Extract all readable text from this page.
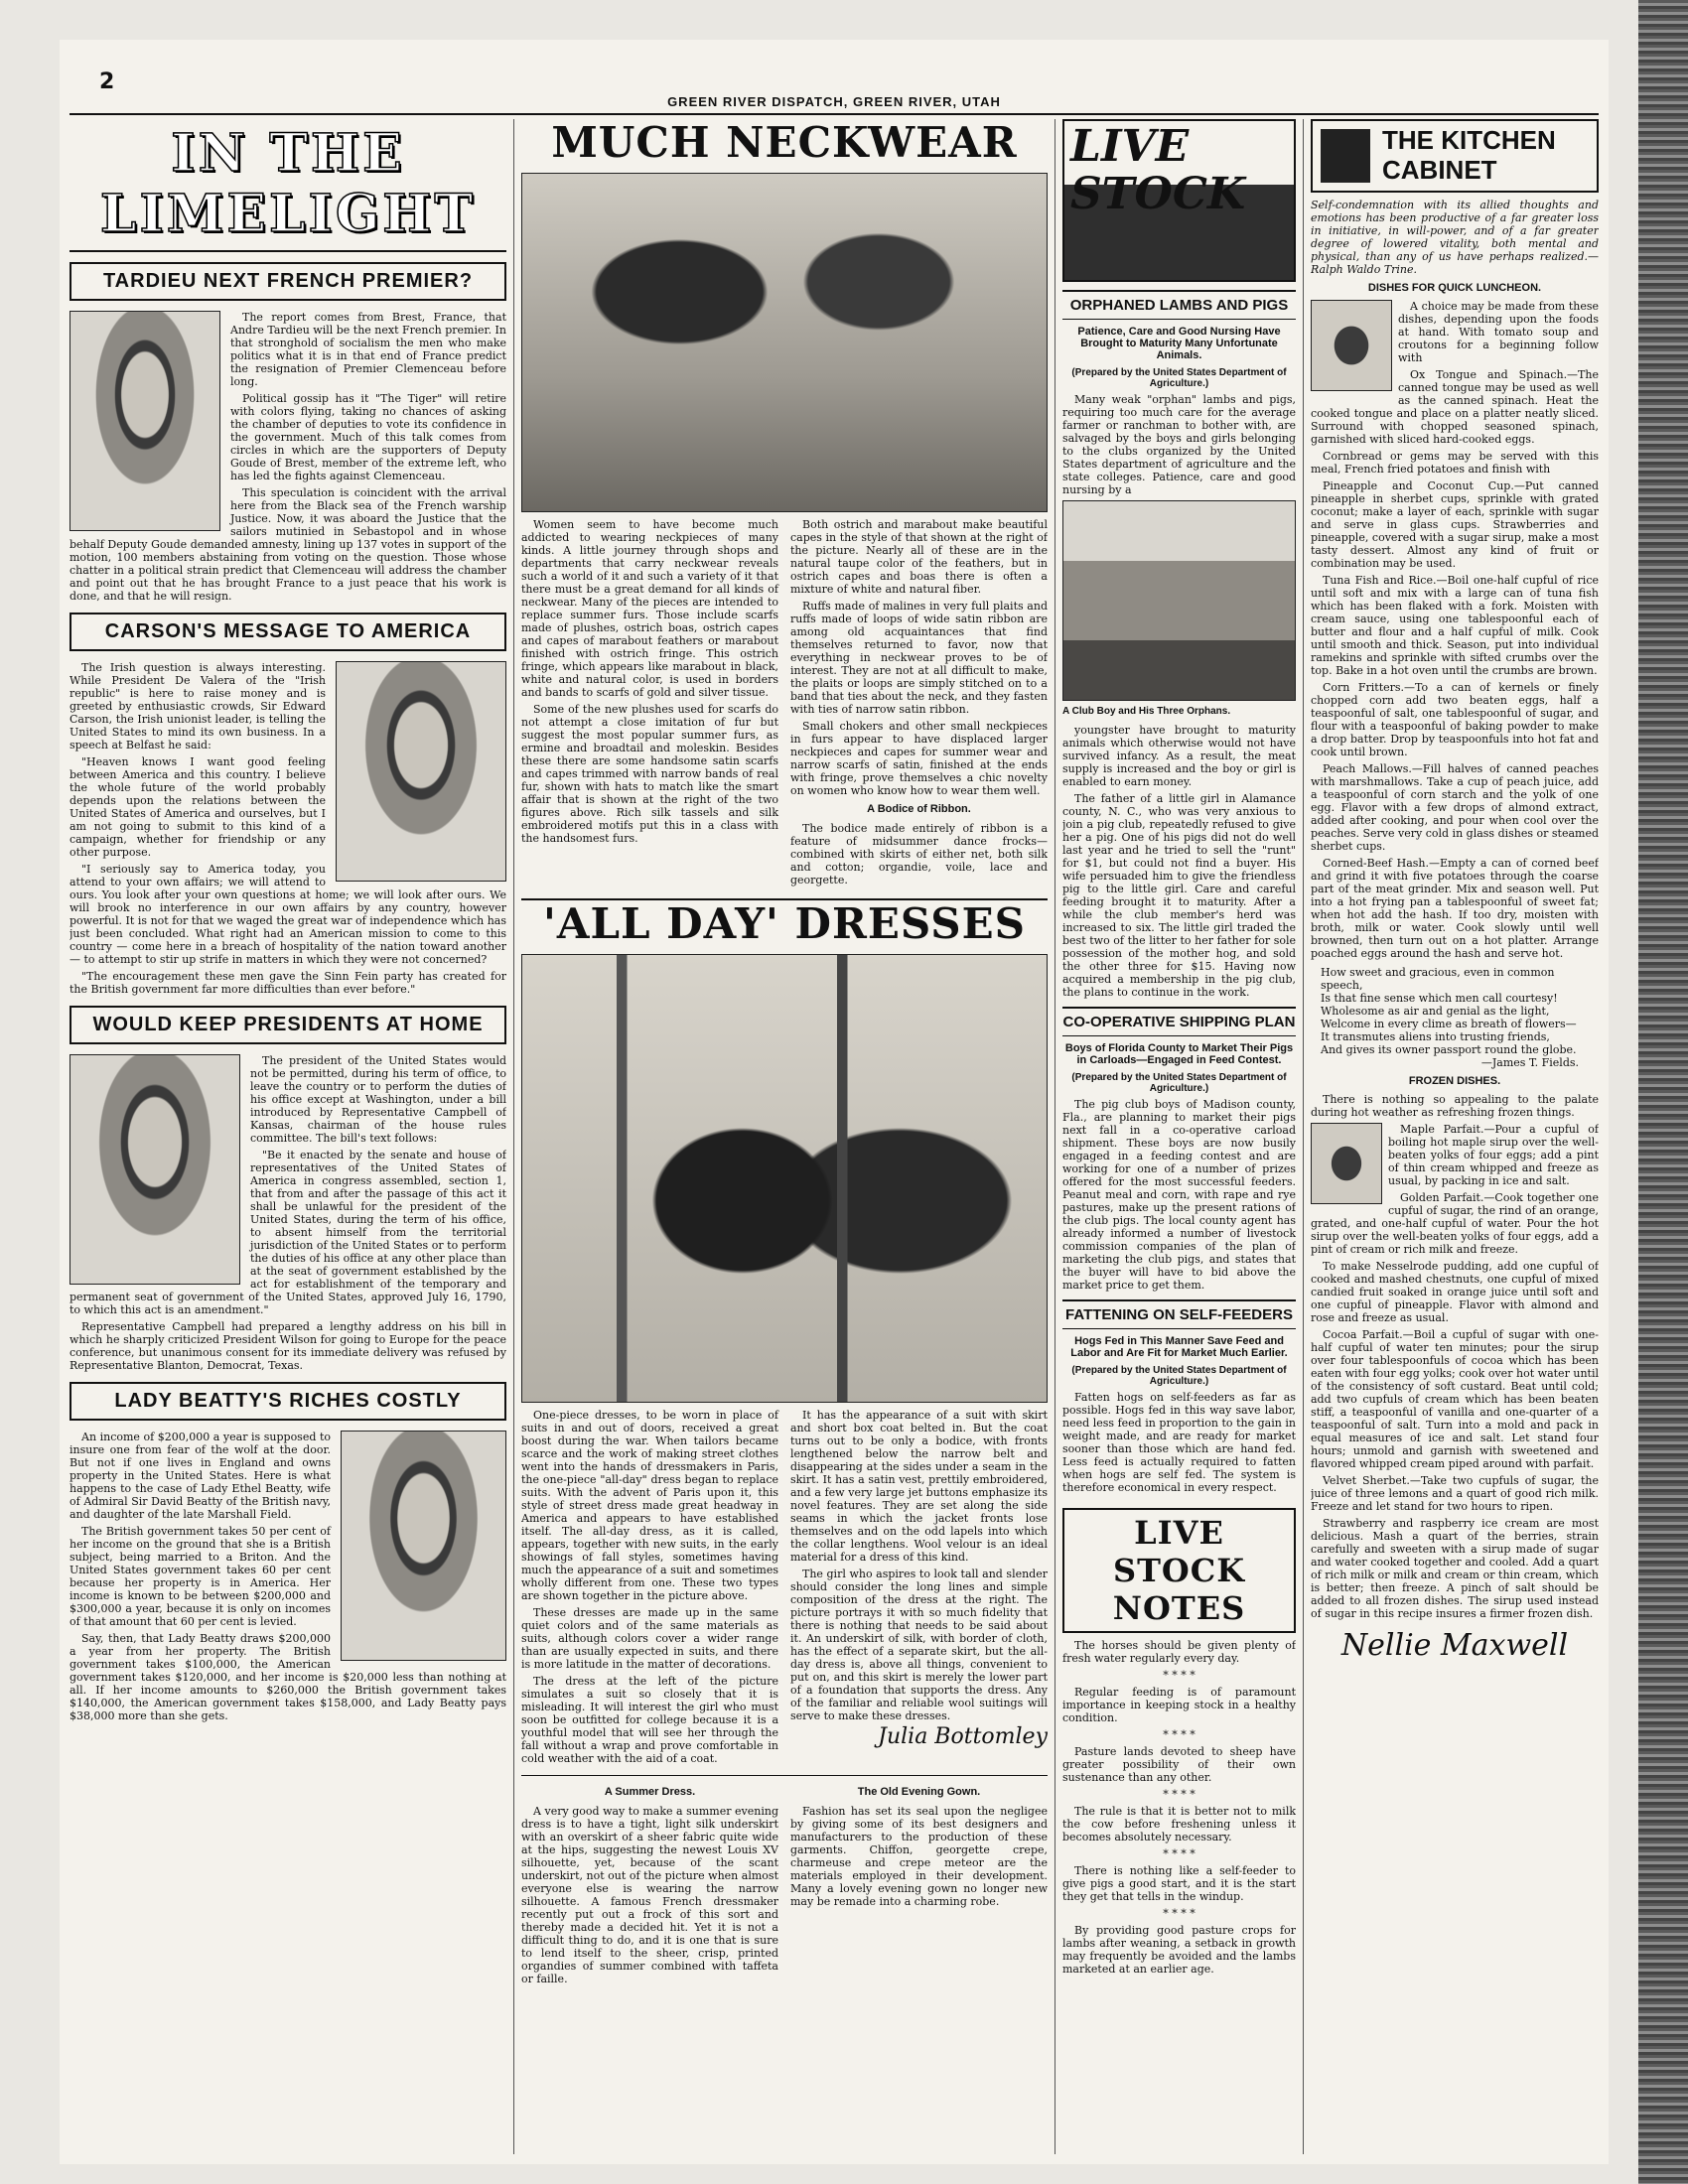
2
GREEN RIVER DISPATCH, GREEN RIVER, UTAH
IN THE LIMELIGHT
TARDIEU NEXT FRENCH PREMIER?

The report comes from Brest, France, that Andre Tardieu will be the next French premier. In that stronghold of socialism the men who make politics what it is in that end of France predict the resignation of Premier Clemenceau before long.

Political gossip has it "The Tiger" will retire with colors flying, taking no chances of asking the chamber of deputies to vote its confidence in the government. Much of this talk comes from circles in which are the supporters of Deputy Goude of Brest, member of the extreme left, who has led the fights against Clemenceau.

This speculation is coincident with the arrival here from the Black sea of the French warship Justice. Now, it was aboard the Justice that the sailors mutinied in Sebastopol and in whose behalf Deputy Goude demanded amnesty, lining up 137 votes in support of the motion, 100 members abstaining from voting on the question. Those whose chatter in a political strain predict that Clemenceau will address the chamber and point out that he has brought France to a just peace that his work is done, and that he will resign.

CARSON'S MESSAGE TO AMERICA

The Irish question is always interesting. While President De Valera of the "Irish republic" is here to raise money and is greeted by enthusiastic crowds, Sir Edward Carson, the Irish unionist leader, is telling the United States to mind its own business. In a speech at Belfast he said:

"Heaven knows I want good feeling between America and this country. I believe the whole future of the world probably depends upon the relations between the United States of America and ourselves, but I am not going to submit to this kind of a campaign, whether for friendship or any other purpose.

"I seriously say to America today, you attend to your own affairs; we will attend to ours. You look after your own questions at home; we will look after ours. We will brook no interference in our own affairs by any country, however powerful. It is not for that we waged the great war of independence which has just been concluded. What right had an American mission to come to this country — come here in a breach of hospitality of the nation toward another — to attempt to stir up strife in matters in which they were not concerned?

"The encouragement these men gave the Sinn Fein party has created for the British government far more difficulties than ever before."

WOULD KEEP PRESIDENTS AT HOME

The president of the United States would not be permitted, during his term of office, to leave the country or to perform the duties of his office except at Washington, under a bill introduced by Representative Campbell of Kansas, chairman of the house rules committee. The bill's text follows:

"Be it enacted by the senate and house of representatives of the United States of America in congress assembled, section 1, that from and after the passage of this act it shall be unlawful for the president of the United States, during the term of his office, to absent himself from the territorial jurisdiction of the United States or to perform the duties of his office at any other place than at the seat of government established by the act for establishment of the temporary and permanent seat of government of the United States, approved July 16, 1790, to which this act is an amendment."

Representative Campbell had prepared a lengthy address on his bill in which he sharply criticized President Wilson for going to Europe for the peace conference, but unanimous consent for its immediate delivery was refused by Representative Blanton, Democrat, Texas.

LADY BEATTY'S RICHES COSTLY

An income of $200,000 a year is supposed to insure one from fear of the wolf at the door. But not if one lives in England and owns property in the United States. Here is what happens to the case of Lady Ethel Beatty, wife of Admiral Sir David Beatty of the British navy, and daughter of the late Marshall Field.

The British government takes 50 per cent of her income on the ground that she is a British subject, being married to a Briton. And the United States government takes 60 per cent because her property is in America. Her income is known to be between $200,000 and $300,000 a year, because it is only on incomes of that amount that 60 per cent is levied.

Say, then, that Lady Beatty draws $200,000 a year from her property. The British government takes $100,000, the American government takes $120,000, and her income is $20,000 less than nothing at all. If her income amounts to $260,000 the British government takes $140,000, the American government takes $158,000, and Lady Beatty pays $38,000 more than she gets.

MUCH NECKWEAR

Women seem to have become much addicted to wearing neckpieces of many kinds. A little journey through shops and departments that carry neckwear reveals such a world of it and such a variety of it that there must be a great demand for all kinds of neckwear. Many of the pieces are intended to replace summer furs. Those include scarfs made of plushes, ostrich boas, ostrich capes and capes of marabout feathers or marabout finished with ostrich fringe. This ostrich fringe, which appears like marabout in black, white and natural color, is used in borders and bands to scarfs of gold and silver tissue.

Some of the new plushes used for scarfs do not attempt a close imitation of fur but suggest the most popular summer furs, as ermine and broadtail and moleskin. Besides these there are some handsome satin scarfs and capes trimmed with narrow bands of real fur, shown with hats to match like the smart affair that is shown at the right of the two figures above. Rich silk tassels and silk embroidered motifs put this in a class with the handsomest furs.

Both ostrich and marabout make beautiful capes in the style of that shown at the right of the picture. Nearly all of these are in the natural taupe color of the feathers, but in ostrich capes and boas there is often a mixture of white and natural fiber.

Ruffs made of malines in very full plaits and ruffs made of loops of wide satin ribbon are among old acquaintances that find themselves returned to favor, now that everything in neckwear proves to be of interest. They are not at all difficult to make, the plaits or loops are simply stitched on to a band that ties about the neck, and they fasten with ties of narrow satin ribbon.

Small chokers and other small neckpieces in furs appear to have displaced larger neckpieces and capes for summer wear and narrow scarfs of satin, finished at the ends with fringe, prove themselves a chic novelty on women who know how to wear them well.

A Bodice of Ribbon.

The bodice made entirely of ribbon is a feature of midsummer dance frocks—combined with skirts of either net, both silk and cotton; organdie, voile, lace and georgette.

'ALL DAY' DRESSES

One-piece dresses, to be worn in place of suits in and out of doors, received a great boost during the war. When tailors became scarce and the work of making street clothes went into the hands of dressmakers in Paris, the one-piece "all-day" dress began to replace suits. With the advent of Paris upon it, this style of street dress made great headway in America and appears to have established itself. The all-day dress, as it is called, appears, together with new suits, in the early showings of fall styles, sometimes having much the appearance of a suit and sometimes wholly different from one. These two types are shown together in the picture above.

These dresses are made up in the same quiet colors and of the same materials as suits, although colors cover a wider range than are usually expected in suits, and there is more latitude in the matter of decorations.

The dress at the left of the picture simulates a suit so closely that it is misleading. It will interest the girl who must soon be outfitted for college because it is a youthful model that will see her through the fall without a wrap and prove comfortable in cold weather with the aid of a coat.

It has the appearance of a suit with skirt and short box coat belted in. But the coat turns out to be only a bodice, with fronts lengthened below the narrow belt and disappearing at the sides under a seam in the skirt. It has a satin vest, prettily embroidered, and a few very large jet buttons emphasize its novel features. They are set along the side seams in which the jacket fronts lose themselves and on the odd lapels into which the collar lengthens. Wool velour is an ideal material for a dress of this kind.

The girl who aspires to look tall and slender should consider the long lines and simple composition of the dress at the right. The picture portrays it with so much fidelity that there is nothing that needs to be said about it. An underskirt of silk, with border of cloth, has the effect of a separate skirt, but the all-day dress is, above all things, convenient to put on, and this skirt is merely the lower part of a foundation that supports the dress. Any of the familiar and reliable wool suitings will serve to make these dresses.

Julia Bottomley
A Summer Dress.

A very good way to make a summer evening dress is to have a tight, light silk underskirt with an overskirt of a sheer fabric quite wide at the hips, suggesting the newest Louis XV silhouette, yet, because of the scant underskirt, not out of the picture when almost everyone else is wearing the narrow silhouette. A famous French dressmaker recently put out a frock of this sort and thereby made a decided hit. Yet it is not a difficult thing to do, and it is one that is sure to lend itself to the sheer, crisp, printed organdies of summer combined with taffeta or faille.

The Old Evening Gown.

Fashion has set its seal upon the negligee by giving some of its best designers and manufacturers to the production of these garments. Chiffon, georgette crepe, charmeuse and crepe meteor are the materials employed in their development. Many a lovely evening gown no longer new may be remade into a charming robe.

LIVE STOCK
ORPHANED LAMBS AND PIGS
Patience, Care and Good Nursing Have Brought to Maturity Many Unfortunate Animals.
(Prepared by the United States Department of Agriculture.)

Many weak "orphan" lambs and pigs, requiring too much care for the average farmer or ranchman to bother with, are salvaged by the boys and girls belonging to the clubs organized by the United States department of agriculture and the state colleges. Patience, care and good nursing by a

A Club Boy and His Three Orphans.

youngster have brought to maturity animals which otherwise would not have survived infancy. As a result, the meat supply is increased and the boy or girl is enabled to earn money.

The father of a little girl in Alamance county, N. C., who was very anxious to join a pig club, repeatedly refused to give her a pig. One of his pigs did not do well last year and he tried to sell the "runt" for $1, but could not find a buyer. His wife persuaded him to give the friendless pig to the little girl. Care and careful feeding brought it to maturity. After a while the club member's herd was increased to six. The little girl traded the best two of the litter to her father for sole possession of the mother hog, and sold the other three for $15. Having now acquired a membership in the pig club, the plans to continue in the work.

CO-OPERATIVE SHIPPING PLAN
Boys of Florida County to Market Their Pigs in Carloads—Engaged in Feed Contest.
(Prepared by the United States Department of Agriculture.)

The pig club boys of Madison county, Fla., are planning to market their pigs next fall in a co-operative carload shipment. These boys are now busily engaged in a feeding contest and are working for one of a number of prizes offered for the most successful feeders. Peanut meal and corn, with rape and rye pastures, make up the present rations of the club pigs. The local county agent has already informed a number of livestock commission companies of the plan of marketing the club pigs, and states that the buyer will have to bid above the market price to get them.

FATTENING ON SELF-FEEDERS
Hogs Fed in This Manner Save Feed and Labor and Are Fit for Market Much Earlier.
(Prepared by the United States Department of Agriculture.)

Fatten hogs on self-feeders as far as possible. Hogs fed in this way save labor, need less feed in proportion to the gain in weight made, and are ready for market sooner than those which are hand fed. Less feed is actually required to fatten when hogs are self fed. The system is therefore economical in every respect.

LIVE STOCK NOTES

The horses should be given plenty of fresh water regularly every day.

* * * *

Regular feeding is of paramount importance in keeping stock in a healthy condition.

* * * *

Pasture lands devoted to sheep have greater possibility of their own sustenance than any other.

* * * *

The rule is that it is better not to milk the cow before freshening unless it becomes absolutely necessary.

* * * *

There is nothing like a self-feeder to give pigs a good start, and it is the start they get that tells in the windup.

* * * *

By providing good pasture crops for lambs after weaning, a setback in growth may frequently be avoided and the lambs marketed at an earlier age.

THE KITCHEN CABINET
Self-condemnation with its allied thoughts and emotions has been productive of a far greater loss in initiative, in will-power, and of a far greater degree of lowered vitality, both mental and physical, than any of us have perhaps realized.—Ralph Waldo Trine.
DISHES FOR QUICK LUNCHEON.

A choice may be made from these dishes, depending upon the foods at hand. With tomato soup and croutons for a beginning follow with

Ox Tongue and Spinach.—The canned tongue may be used as well as the canned spinach. Heat the cooked tongue and place on a platter neatly sliced. Surround with chopped seasoned spinach, garnished with sliced hard-cooked eggs.

Cornbread or gems may be served with this meal, French fried potatoes and finish with

Pineapple and Coconut Cup.—Put canned pineapple in sherbet cups, sprinkle with grated coconut; make a layer of each, sprinkle with sugar and serve in glass cups. Strawberries and pineapple, covered with a sugar sirup, make a most tasty dessert. Almost any kind of fruit or combination may be used.

Tuna Fish and Rice.—Boil one-half cupful of rice until soft and mix with a large can of tuna fish which has been flaked with a fork. Moisten with cream sauce, using one tablespoonful each of butter and flour and a half cupful of milk. Cook until smooth and thick. Season, put into individual ramekins and sprinkle with sifted crumbs over the top. Bake in a hot oven until the crumbs are brown.

Corn Fritters.—To a can of kernels or finely chopped corn add two beaten eggs, half a teaspoonful of salt, one tablespoonful of sugar, and flour with a teaspoonful of baking powder to make a drop batter. Drop by teaspoonfuls into hot fat and cook until brown.

Peach Mallows.—Fill halves of canned peaches with marshmallows. Take a cup of peach juice, add a teaspoonful of corn starch and the yolk of one egg. Flavor with a few drops of almond extract, added after cooking, and pour when cool over the peaches. Serve very cold in glass dishes or steamed sherbet cups.

Corned-Beef Hash.—Empty a can of corned beef and grind it with five potatoes through the coarse part of the meat grinder. Mix and season well. Put into a hot frying pan a tablespoonful of sweet fat; when hot add the hash. If too dry, moisten with broth, milk or water. Cook slowly until well browned, then turn out on a hot platter. Arrange poached eggs around the hash and serve hot.

How sweet and gracious, even in common speech,
Is that fine sense which men call courtesy!
Wholesome as air and genial as the light,
Welcome in every clime as breath of flowers—
It transmutes aliens into trusting friends,
And gives its owner passport round the globe.
—James T. Fields.
FROZEN DISHES.

There is nothing so appealing to the palate during hot weather as refreshing frozen things.

Maple Parfait.—Pour a cupful of boiling hot maple sirup over the well-beaten yolks of four eggs; add a pint of thin cream whipped and freeze as usual, by packing in ice and salt.

Golden Parfait.—Cook together one cupful of sugar, the rind of an orange, grated, and one-half cupful of water. Pour the hot sirup over the well-beaten yolks of four eggs, add a pint of cream or rich milk and freeze.

To make Nesselrode pudding, add one cupful of cooked and mashed chestnuts, one cupful of mixed candied fruit soaked in orange juice until soft and one cupful of pineapple. Flavor with almond and rose and freeze as usual.

Cocoa Parfait.—Boil a cupful of sugar with one-half cupful of water ten minutes; pour the sirup over four tablespoonfuls of cocoa which has been eaten with four egg yolks; cook over hot water until of the consistency of soft custard. Beat until cold; add two cupfuls of cream which has been beaten stiff, a teaspoonful of vanilla and one-quarter of a teaspoonful of salt. Turn into a mold and pack in equal measures of ice and salt. Let stand four hours; unmold and garnish with sweetened and flavored whipped cream piped around with parfait.

Velvet Sherbet.—Take two cupfuls of sugar, the juice of three lemons and a quart of good rich milk. Freeze and let stand for two hours to ripen.

Strawberry and raspberry ice cream are most delicious. Mash a quart of the berries, strain carefully and sweeten with a sirup made of sugar and water cooked together and cooled. Add a quart of rich milk or milk and cream or thin cream, which is better; then freeze. A pinch of salt should be added to all frozen dishes. The sirup used instead of sugar in this recipe insures a firmer frozen dish.

Nellie Maxwell
